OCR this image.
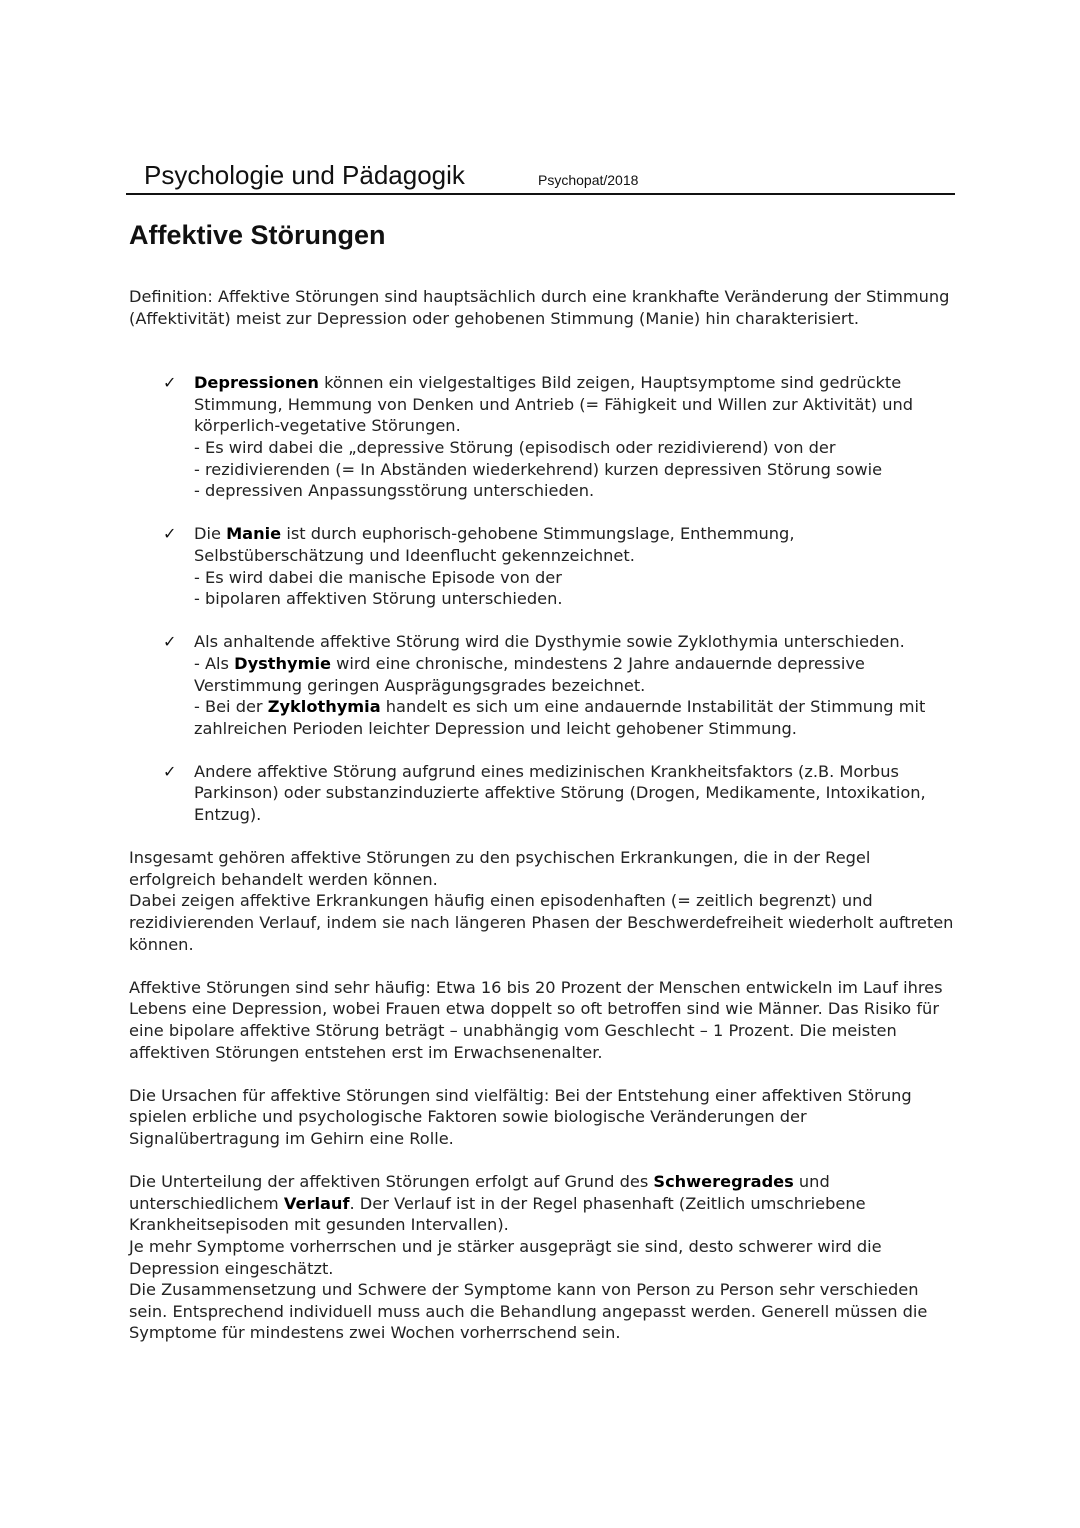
Psychologie und Pädagogik	Psychopat/2018
Affektive Störungen

Definition: Affektive Störungen sind hauptsächlich durch eine krankhafte Veränderung der Stimmung (Affektivität) meist zur Depression oder gehobenen Stimmung (Manie) hin charakterisiert.

✓ Depressionen können ein vielgestaltiges Bild zeigen, Hauptsymptome sind gedrückte Stimmung, Hemmung von Denken und Antrieb (= Fähigkeit und Willen zur Aktivität) und körperlich-vegetative Störungen.
- Es wird dabei die „depressive Störung (episodisch oder rezidivierend) von der
- rezidivierenden (= In Abständen wiederkehrend) kurzen depressiven Störung sowie
- depressiven Anpassungsstörung unterschieden.
✓ Die Manie ist durch euphorisch-gehobene Stimmungslage, Enthemmung, Selbstüberschätzung und Ideenflucht gekennzeichnet.
- Es wird dabei die manische Episode von der
- bipolaren affektiven Störung unterschieden.
✓ Als anhaltende affektive Störung wird die Dysthymie sowie Zyklothymia unterschieden.
- Als Dysthymie wird eine chronische, mindestens 2 Jahre andauernde depressive Verstimmung geringen Ausprägungsgrades bezeichnet.
- Bei der Zyklothymia handelt es sich um eine andauernde Instabilität der Stimmung mit zahlreichen Perioden leichter Depression und leicht gehobener Stimmung.
✓ Andere affektive Störung aufgrund eines medizinischen Krankheitsfaktors (z.B. Morbus Parkinson) oder substanzinduzierte affektive Störung (Drogen, Medikamente, Intoxikation, Entzug).

Insgesamt gehören affektive Störungen zu den psychischen Erkrankungen, die in der Regel erfolgreich behandelt werden können.
Dabei zeigen affektive Erkrankungen häufig einen episodenhaften (= zeitlich begrenzt) und rezidivierenden Verlauf, indem sie nach längeren Phasen der Beschwerdefreiheit wiederholt auftreten können.

Affektive Störungen sind sehr häufig: Etwa 16 bis 20 Prozent der Menschen entwickeln im Lauf ihres Lebens eine Depression, wobei Frauen etwa doppelt so oft betroffen sind wie Männer. Das Risiko für eine bipolare affektive Störung beträgt – unabhängig vom Geschlecht – 1 Prozent. Die meisten affektiven Störungen entstehen erst im Erwachsenenalter.

Die Ursachen für affektive Störungen sind vielfältig: Bei der Entstehung einer affektiven Störung spielen erbliche und psychologische Faktoren sowie biologische Veränderungen der Signalübertragung im Gehirn eine Rolle.

Die Unterteilung der affektiven Störungen erfolgt auf Grund des Schweregrades und unterschiedlichem Verlauf. Der Verlauf ist in der Regel phasenhaft (Zeitlich umschriebene Krankheitsepisoden mit gesunden Intervallen).
Je mehr Symptome vorherrschen und je stärker ausgeprägt sie sind, desto schwerer wird die Depression eingeschätzt.
Die Zusammensetzung und Schwere der Symptome kann von Person zu Person sehr verschieden sein. Entsprechend individuell muss auch die Behandlung angepasst werden. Generell müssen die Symptome für mindestens zwei Wochen vorherrschend sein.
